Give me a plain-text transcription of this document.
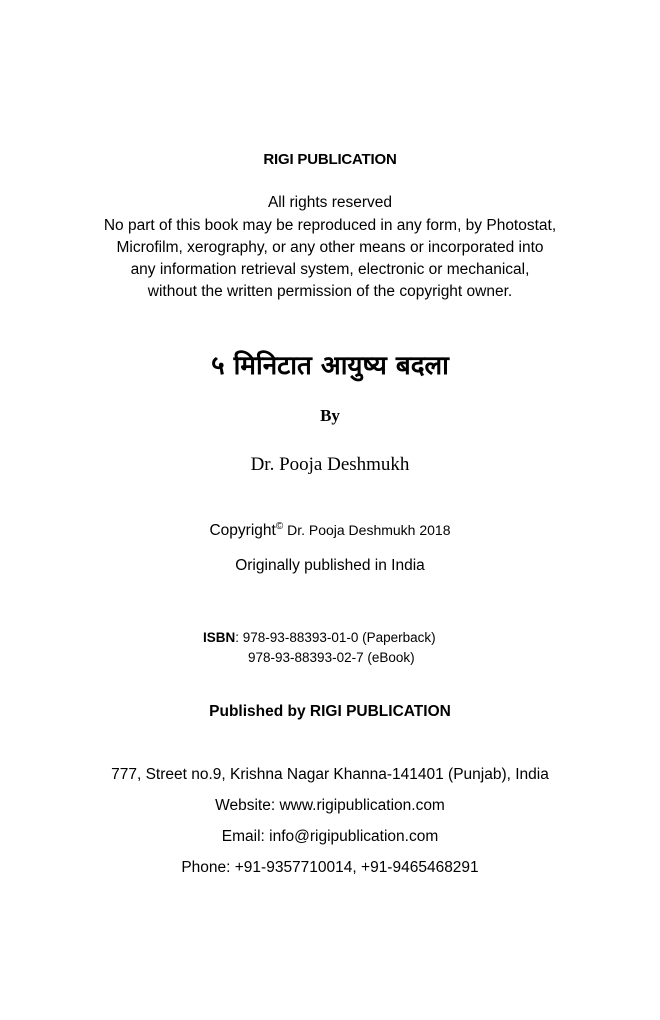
RIGI PUBLICATION
All rights reserved
No part of this book may be reproduced in any form, by Photostat,
Microfilm, xerography, or any other means or incorporated into
any information retrieval system, electronic or mechanical,
without the written permission of the copyright owner.
५ मिनिटात आयुष्य बदला
By
Dr. Pooja Deshmukh
Copyright© Dr. Pooja Deshmukh 2018
Originally published in India
ISBN: 978-93-88393-01-0 (Paperback)
978-93-88393-02-7 (eBook)
Published by RIGI PUBLICATION
777, Street no.9, Krishna Nagar Khanna-141401 (Punjab), India
Website: www.rigipublication.com
Email: info@rigipublication.com
Phone: +91-9357710014, +91-9465468291
